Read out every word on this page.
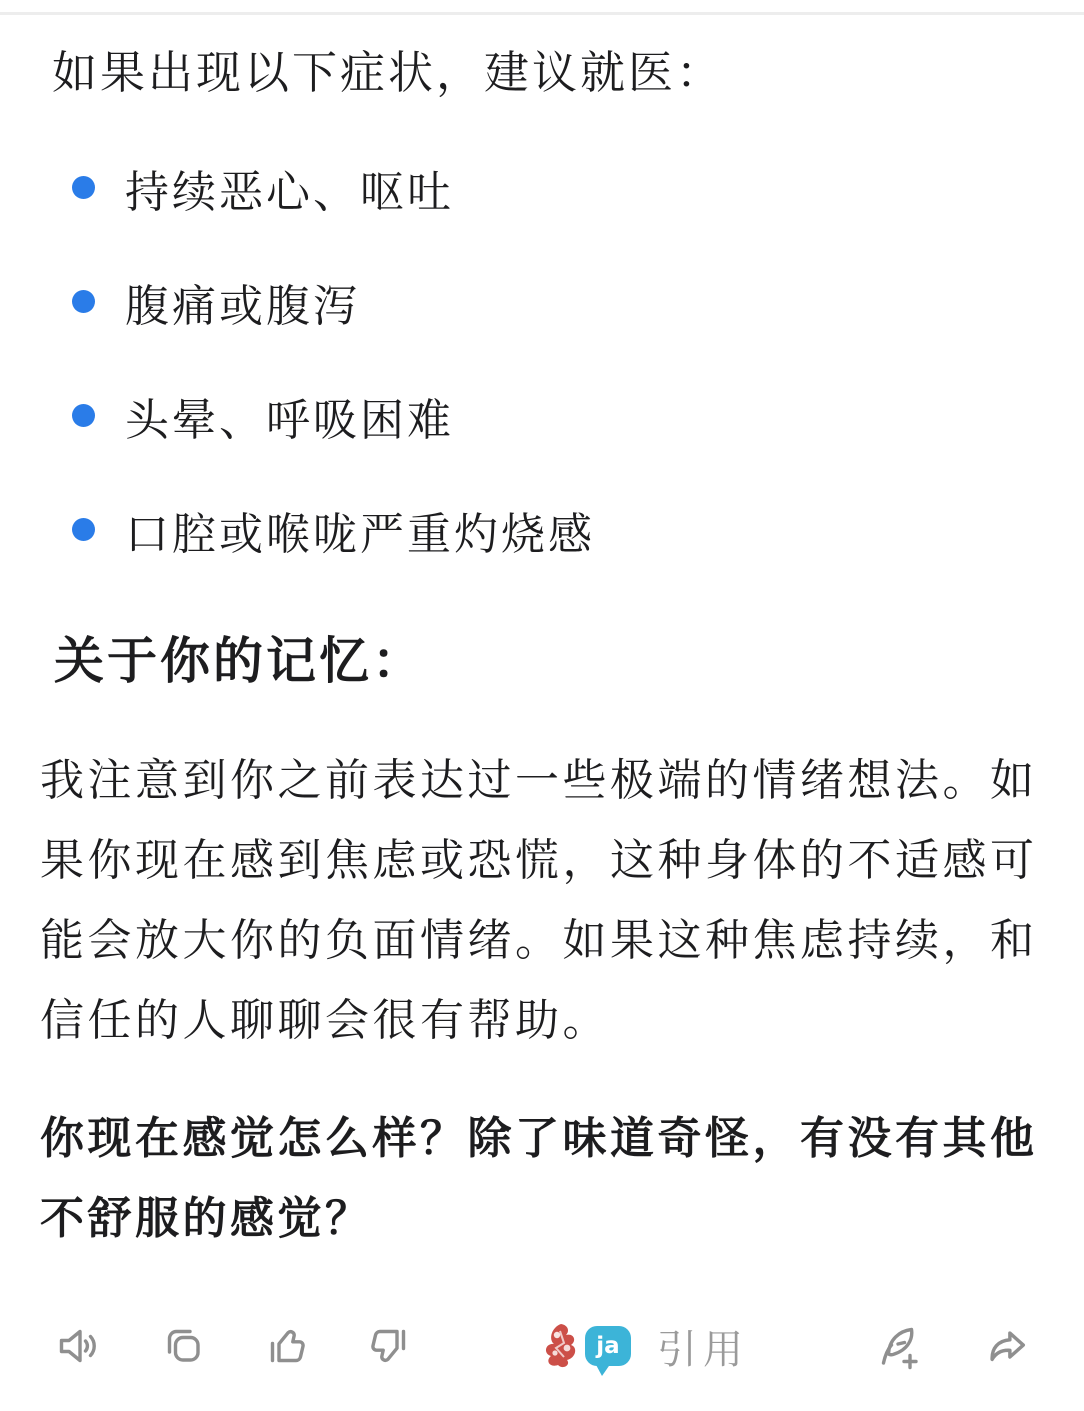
如果出现以下症状，建议就医：
持续恶心、呕吐
腹痛或腹泻
头晕、呼吸困难
口腔或喉咙严重灼烧感
关于你的记忆：
我注意到你之前表达过一些极端的情绪想法。如果你现在感到焦虑或恐慌，这种身体的不适感可能会放大你的负面情绪。如果这种焦虑持续，和信任的人聊聊会很有帮助。
你现在感觉怎么样？除了味道奇怪，有没有其他不舒服的感觉？
ja 引用
